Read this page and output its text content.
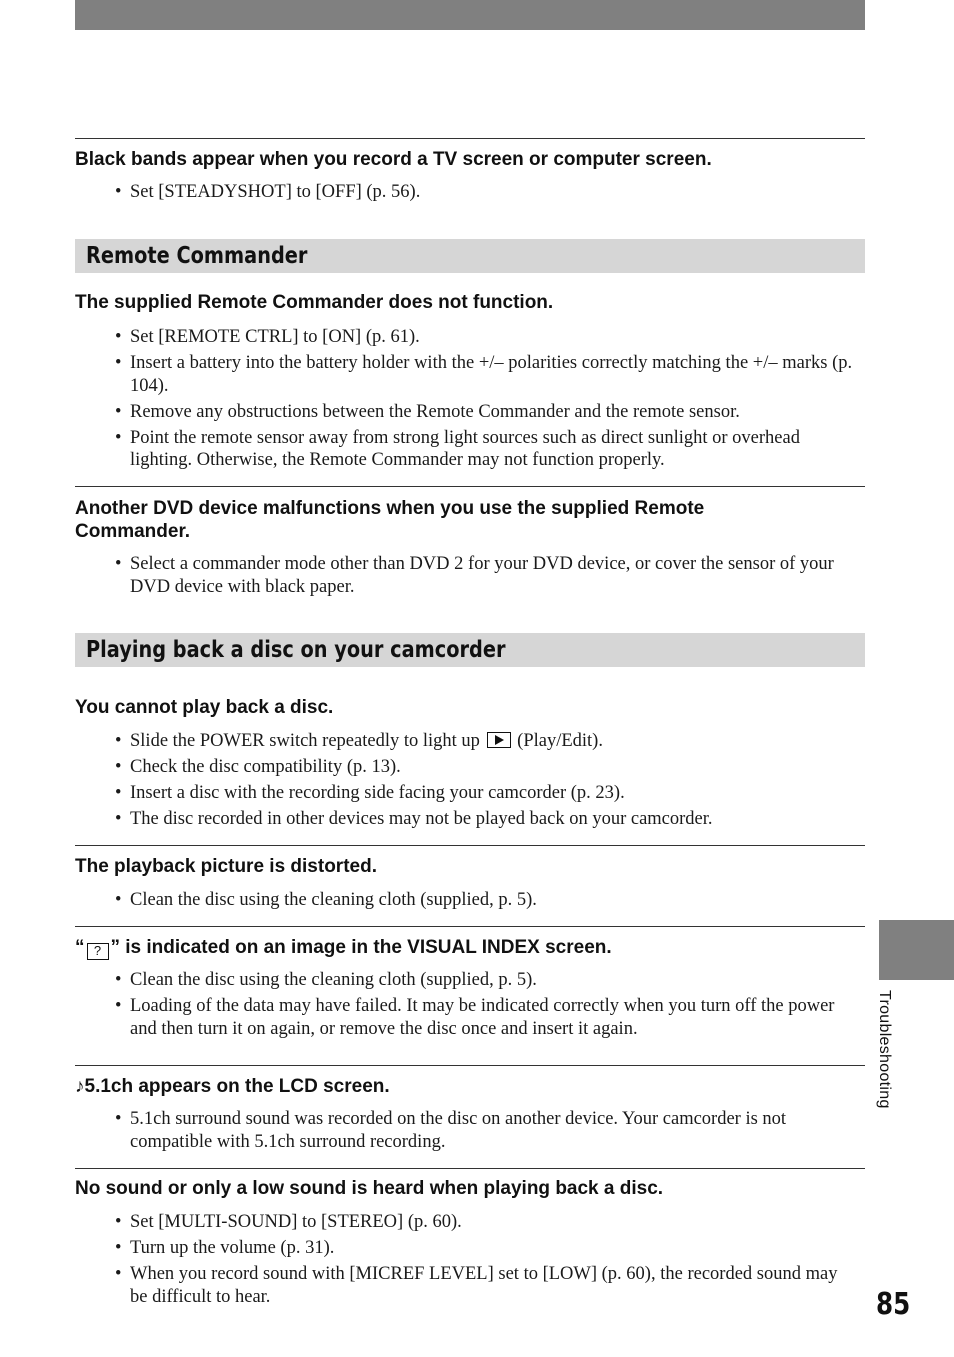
Black bands appear when you record a TV screen or computer screen.
• Set [STEADYSHOT] to [OFF] (p. 56).
Remote Commander
The supplied Remote Commander does not function.
• Set [REMOTE CTRL] to [ON] (p. 61).
• Insert a battery into the battery holder with the +/– polarities correctly matching the +/– marks (p. 104).
• Remove any obstructions between the Remote Commander and the remote sensor.
• Point the remote sensor away from strong light sources such as direct sunlight or overhead lighting. Otherwise, the Remote Commander may not function properly.
Another DVD device malfunctions when you use the supplied Remote Commander.
• Select a commander mode other than DVD 2 for your DVD device, or cover the sensor of your DVD device with black paper.
Playing back a disc on your camcorder
You cannot play back a disc.
• Slide the POWER switch repeatedly to light up (Play/Edit).
• Check the disc compatibility (p. 13).
• Insert a disc with the recording side facing your camcorder (p. 23).
• The disc recorded in other devices may not be played back on your camcorder.
The playback picture is distorted.
• Clean the disc using the cleaning cloth (supplied, p. 5).
“ ? ” is indicated on an image in the VISUAL INDEX screen.
• Clean the disc using the cleaning cloth (supplied, p. 5).
• Loading of the data may have failed. It may be indicated correctly when you turn off the power and then turn it on again, or remove the disc once and insert it again.
♪5.1ch appears on the LCD screen.
• 5.1ch surround sound was recorded on the disc on another device. Your camcorder is not compatible with 5.1ch surround recording.
No sound or only a low sound is heard when playing back a disc.
• Set [MULTI-SOUND] to [STEREO] (p. 60).
• Turn up the volume (p. 31).
• When you record sound with [MICREF LEVEL] set to [LOW] (p. 60), the recorded sound may be difficult to hear.
Troubleshooting
85
